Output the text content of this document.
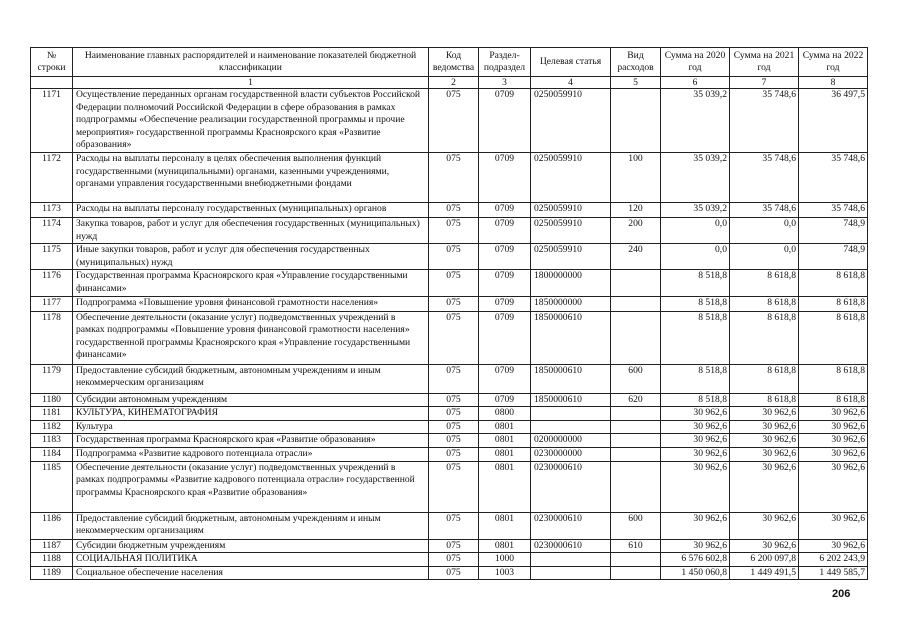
№ строки	Наименование главных распорядителей и наименование показателей бюджетной классификации	Код ведомства	Раздел-подраздел	Целевая статья	Вид расходов	Сумма на 2020 год	Сумма на 2021 год	Сумма на 2022 год
	1	2	3	4	5	6	7	8
1171	Осуществление переданных органам государственной власти субъектов Российской Федерации полномочий Российской Федерации в сфере образования в рамках подпрограммы «Обеспечение реализации государственной программы и прочие мероприятия» государственной программы Красноярского края «Развитие образования»	075	0709	0250059910		35 039,2	35 748,6	36 497,5
1172	Расходы на выплаты персоналу в целях обеспечения выполнения функций государственными (муниципальными) органами, казенными учреждениями, органами управления государственными внебюджетными фондами	075	0709	0250059910	100	35 039,2	35 748,6	35 748,6
1173	Расходы на выплаты персоналу государственных (муниципальных) органов	075	0709	0250059910	120	35 039,2	35 748,6	35 748,6
1174	Закупка товаров, работ и услуг для обеспечения государственных (муниципальных) нужд	075	0709	0250059910	200	0,0	0,0	748,9
1175	Иные закупки товаров, работ и услуг для обеспечения государственных (муниципальных) нужд	075	0709	0250059910	240	0,0	0,0	748,9
1176	Государственная программа Красноярского края «Управление государственными финансами»	075	0709	1800000000		8 518,8	8 618,8	8 618,8
1177	Подпрограмма «Повышение уровня финансовой грамотности населения»	075	0709	1850000000		8 518,8	8 618,8	8 618,8
1178	Обеспечение деятельности (оказание услуг) подведомственных учреждений в рамках подпрограммы «Повышение уровня финансовой грамотности населения» государственной программы Красноярского края «Управление государственными финансами»	075	0709	1850000610		8 518,8	8 618,8	8 618,8
1179	Предоставление субсидий бюджетным, автономным учреждениям и иным некоммерческим организациям	075	0709	1850000610	600	8 518,8	8 618,8	8 618,8
1180	Субсидии автономным учреждениям	075	0709	1850000610	620	8 518,8	8 618,8	8 618,8
1181	КУЛЬТУРА, КИНЕМАТОГРАФИЯ	075	0800			30 962,6	30 962,6	30 962,6
1182	Культура	075	0801			30 962,6	30 962,6	30 962,6
1183	Государственная программа Красноярского края «Развитие образования»	075	0801	0200000000		30 962,6	30 962,6	30 962,6
1184	Подпрограмма «Развитие кадрового потенциала отрасли»	075	0801	0230000000		30 962,6	30 962,6	30 962,6
1185	Обеспечение деятельности (оказание услуг) подведомственных учреждений в рамках подпрограммы «Развитие кадрового потенциала отрасли» государственной программы Красноярского края «Развитие образования»	075	0801	0230000610		30 962,6	30 962,6	30 962,6
1186	Предоставление субсидий бюджетным, автономным учреждениям и иным некоммерческим организациям	075	0801	0230000610	600	30 962,6	30 962,6	30 962,6
1187	Субсидии бюджетным учреждениям	075	0801	0230000610	610	30 962,6	30 962,6	30 962,6
1188	СОЦИАЛЬНАЯ ПОЛИТИКА	075	1000			6 576 602,8	6 200 097,8	6 202 243,9
1189	Социальное обеспечение населения	075	1003			1 450 060,8	1 449 491,5	1 449 585,7
206
